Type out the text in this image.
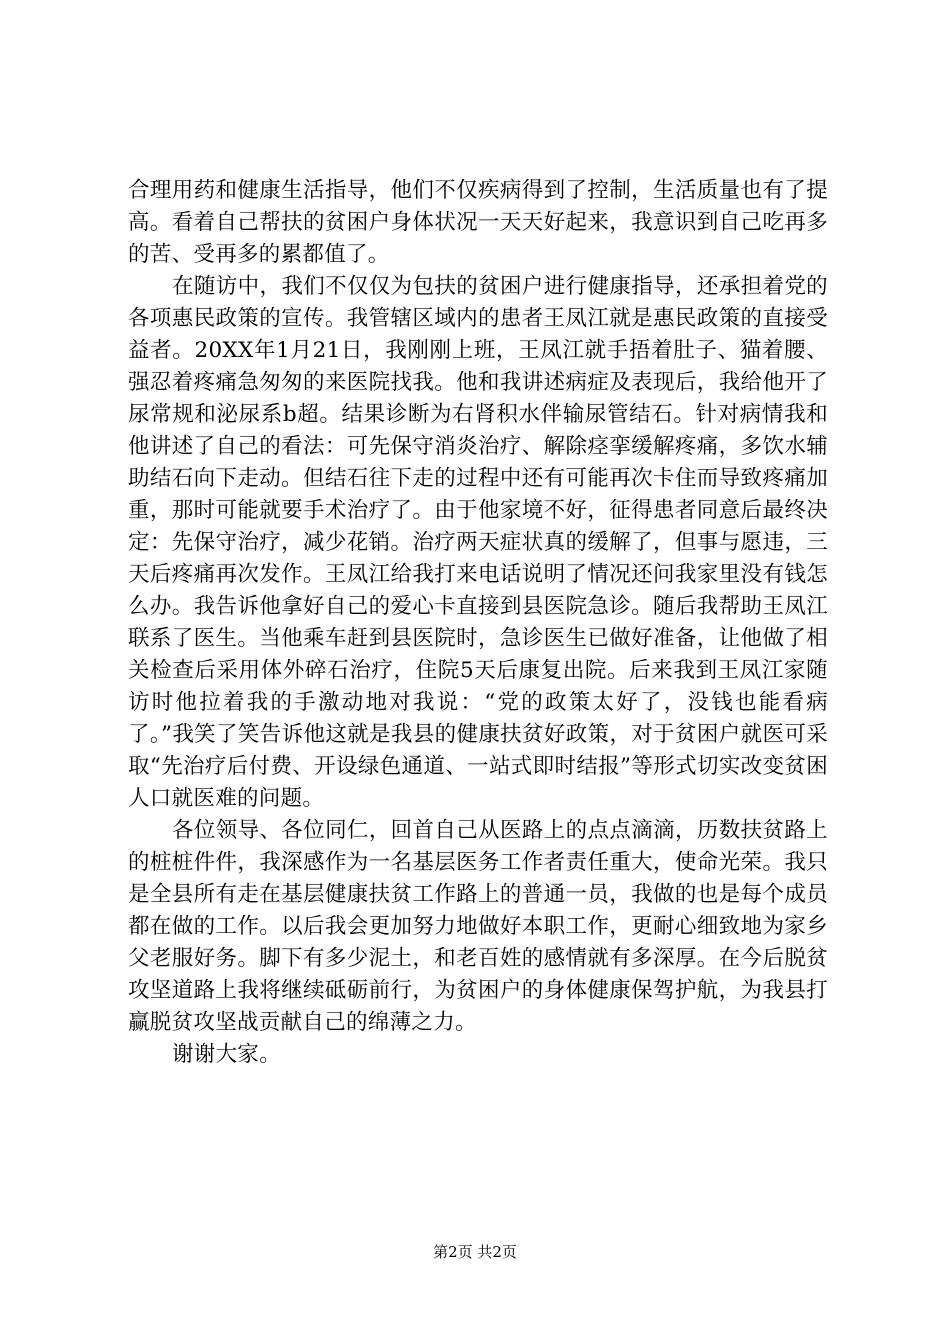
合理用药和健康生活指导，他们不仅疾病得到了控制，生活质量也有了提高。看着自己帮扶的贫困户身体状况一天天好起来，我意识到自己吃再多的苦、受再多的累都值了。

在随访中，我们不仅仅为包扶的贫困户进行健康指导，还承担着党的各项惠民政策的宣传。我管辖区域内的患者王凤江就是惠民政策的直接受益者。20XX年1月21日，我刚刚上班，王凤江就手捂着肚子、猫着腰、强忍着疼痛急匆匆的来医院找我。他和我讲述病症及表现后，我给他开了尿常规和泌尿系b超。结果诊断为右肾积水伴输尿管结石。针对病情我和他讲述了自己的看法：可先保守消炎治疗、解除痉挛缓解疼痛，多饮水辅助结石向下走动。但结石往下走的过程中还有可能再次卡住而导致疼痛加重，那时可能就要手术治疗了。由于他家境不好，征得患者同意后最终决定：先保守治疗，减少花销。治疗两天症状真的缓解了，但事与愿违，三天后疼痛再次发作。王凤江给我打来电话说明了情况还问我家里没有钱怎么办。我告诉他拿好自己的爱心卡直接到县医院急诊。随后我帮助王凤江联系了医生。当他乘车赶到县医院时，急诊医生已做好准备，让他做了相关检查后采用体外碎石治疗，住院5天后康复出院。后来我到王凤江家随访时他拉着我的手激动地对我说：“党的政策太好了，没钱也能看病了。”我笑了笑告诉他这就是我县的健康扶贫好政策，对于贫困户就医可采取“先治疗后付费、开设绿色通道、一站式即时结报”等形式切实改变贫困人口就医难的问题。

各位领导、各位同仁，回首自己从医路上的点点滴滴，历数扶贫路上的桩桩件件，我深感作为一名基层医务工作者责任重大，使命光荣。我只是全县所有走在基层健康扶贫工作路上的普通一员，我做的也是每个成员都在做的工作。以后我会更加努力地做好本职工作，更耐心细致地为家乡父老服好务。脚下有多少泥土，和老百姓的感情就有多深厚。在今后脱贫攻坚道路上我将继续砥砺前行，为贫困户的身体健康保驾护航，为我县打赢脱贫攻坚战贡献自己的绵薄之力。

谢谢大家。

第2页 共2页
